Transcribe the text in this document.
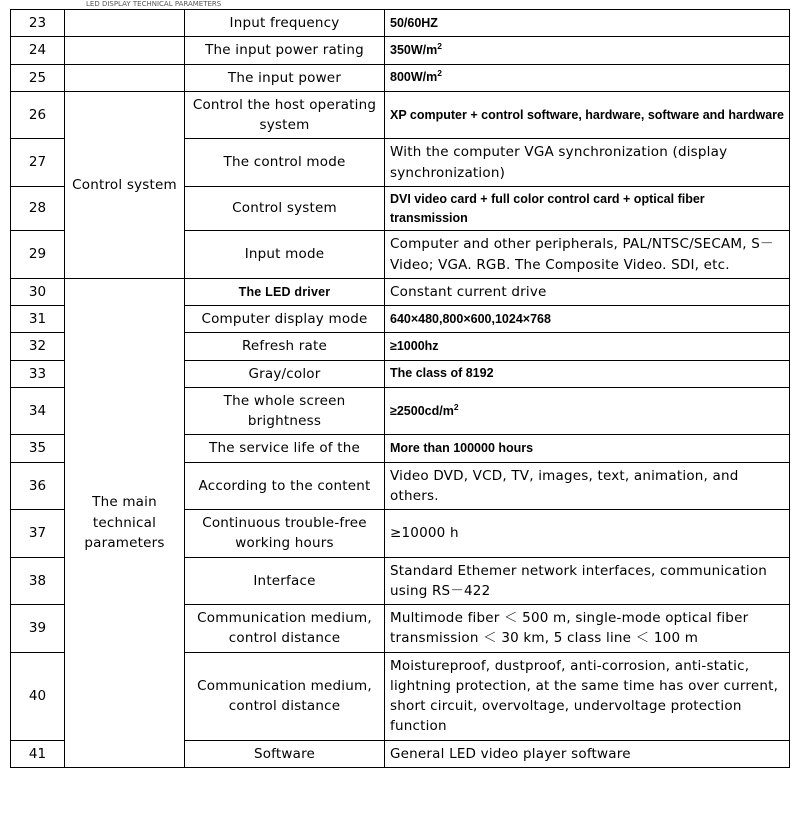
LED DISPLAY TECHNICAL PARAMETERS
23		Input frequency	50/60HZ
24		The input power rating	$350W/m^2$
25		The input power	$800W/m^2$
26	Control system	Control the host operating system	XP computer + control software, hardware, software and hardware
27		The control mode	With the computer VGA synchronization (display synchronization)
28		Control system	DVI video card + full color control card + optical fiber transmission
29		Input mode	Computer and other peripherals, PAL/NTSC/SECAM, S－Video; VGA. RGB. The Composite Video. SDI, etc.
30	The main technical parameters	The LED driver	Constant current drive
31		Computer display mode	640×480,800×600,1024×768
32		Refresh rate	≥1000hz
33		Gray/color	The class of 8192
34		The whole screen brightness	$\ge 2500cd/m^2$
35		The service life of the	More than 100000 hours
36		According to the content	Video DVD, VCD, TV, images, text, animation, and others.
37		Continuous trouble-free working hours	≥10000 h
38		Interface	Standard Ethemer network interfaces, communication using RS－422
39		Communication medium, control distance	Multimode fiber ＜ 500 m, single-mode optical fiber transmission ＜ 30 km, 5 class line ＜ 100 m
40		Communication medium, control distance	Moistureproof, dustproof, anti-corrosion, anti-static, lightning protection, at the same time has over current, short circuit, overvoltage, undervoltage protection function
41		Software	General LED video player software
